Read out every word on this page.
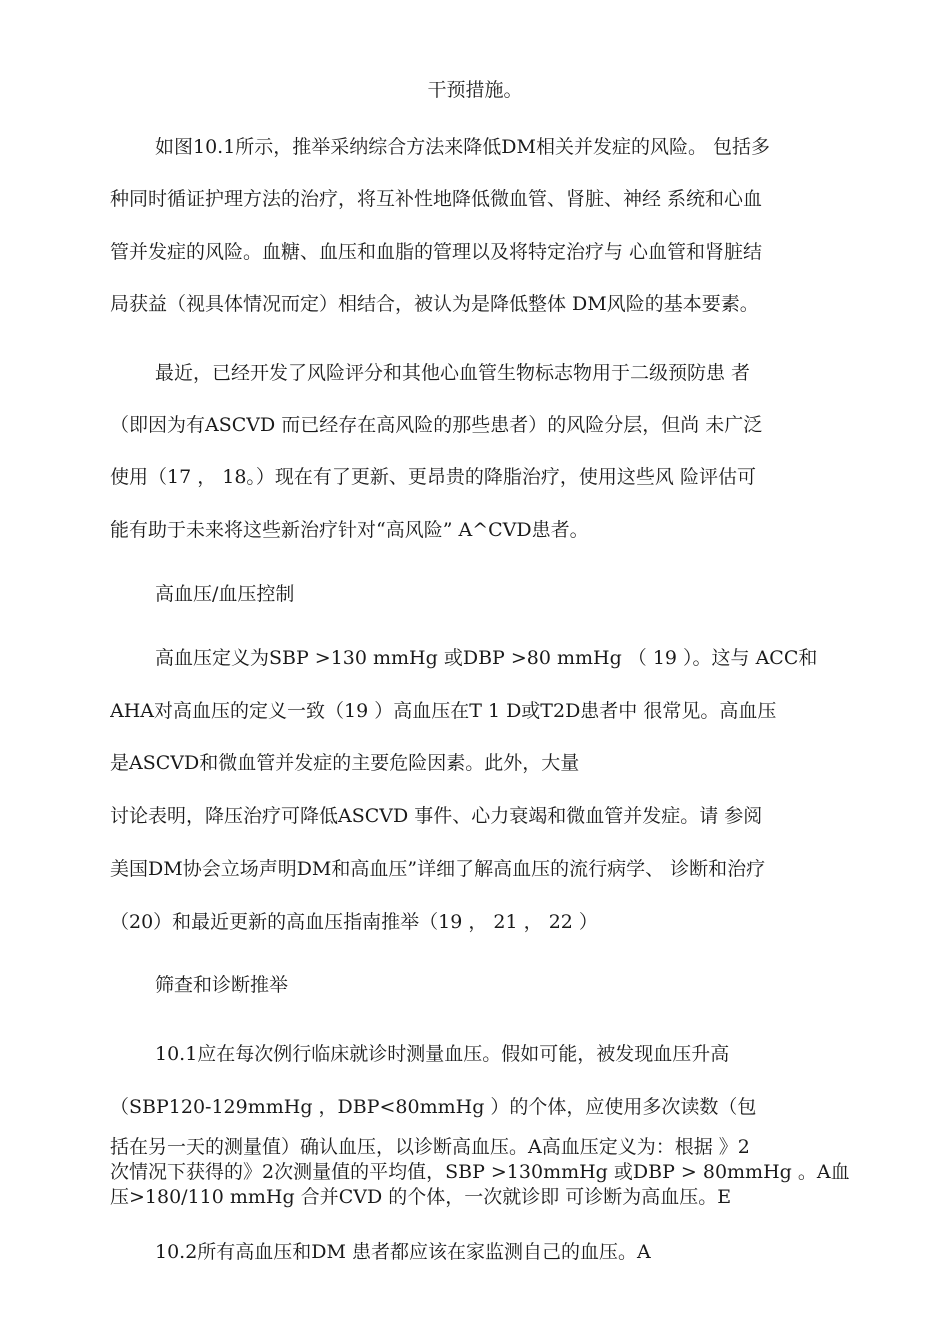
干预措施。
如图10.1所示，推举采纳综合方法来降低DM相关并发症的风险。 包括多
种同时循证护理方法的治疗，将互补性地降低微血管、肾脏、神经 系统和心血
管并发症的风险。血糖、血压和血脂的管理以及将特定治疗与 心血管和肾脏结
局获益（视具体情况而定）相结合，被认为是降低整体 DM风险的基本要素。
最近，已经开发了风险评分和其他心血管生物标志物用于二级预防患 者
（即因为有ASCVD 而已经存在高风险的那些患者）的风险分层，但尚 未广泛
使用（17 ， 18。）现在有了更新、更昂贵的降脂治疗，使用这些风 险评估可
能有助于未来将这些新治疗针对“高风险” A^CVD患者。
高血压/血压控制
高血压定义为SBP >130 mmHg 或DBP >80 mmHg （ 19 ）。这与 ACC和
AHA对高血压的定义一致（19 ）高血压在T 1 D或T2D患者中 很常见。高血压
是ASCVD和微血管并发症的主要危险因素。此外，大量
讨论表明，降压治疗可降低ASCVD 事件、心力衰竭和微血管并发症。请 参阅
美国DM协会立场声明DM和高血压”详细了解高血压的流行病学、 诊断和治疗
（20）和最近更新的高血压指南推举（19 ， 21 ， 22 ）
筛查和诊断推举
10.1应在每次例行临床就诊时测量血压。假如可能，被发现血压升高
（SBP120-129mmHg ，DBP<80mmHg ）的个体，应使用多次读数（包
括在另一天的测量值）确认血压，以诊断高血压。A高血压定义为：根据 》2
次情况下获得的》2次测量值的平均值，SBP >130mmHg 或DBP > 80mmHg 。A血
压>180/110 mmHg 合并CVD 的个体，一次就诊即 可诊断为高血压。E
10.2所有高血压和DM 患者都应该在家监测自己的血压。A
